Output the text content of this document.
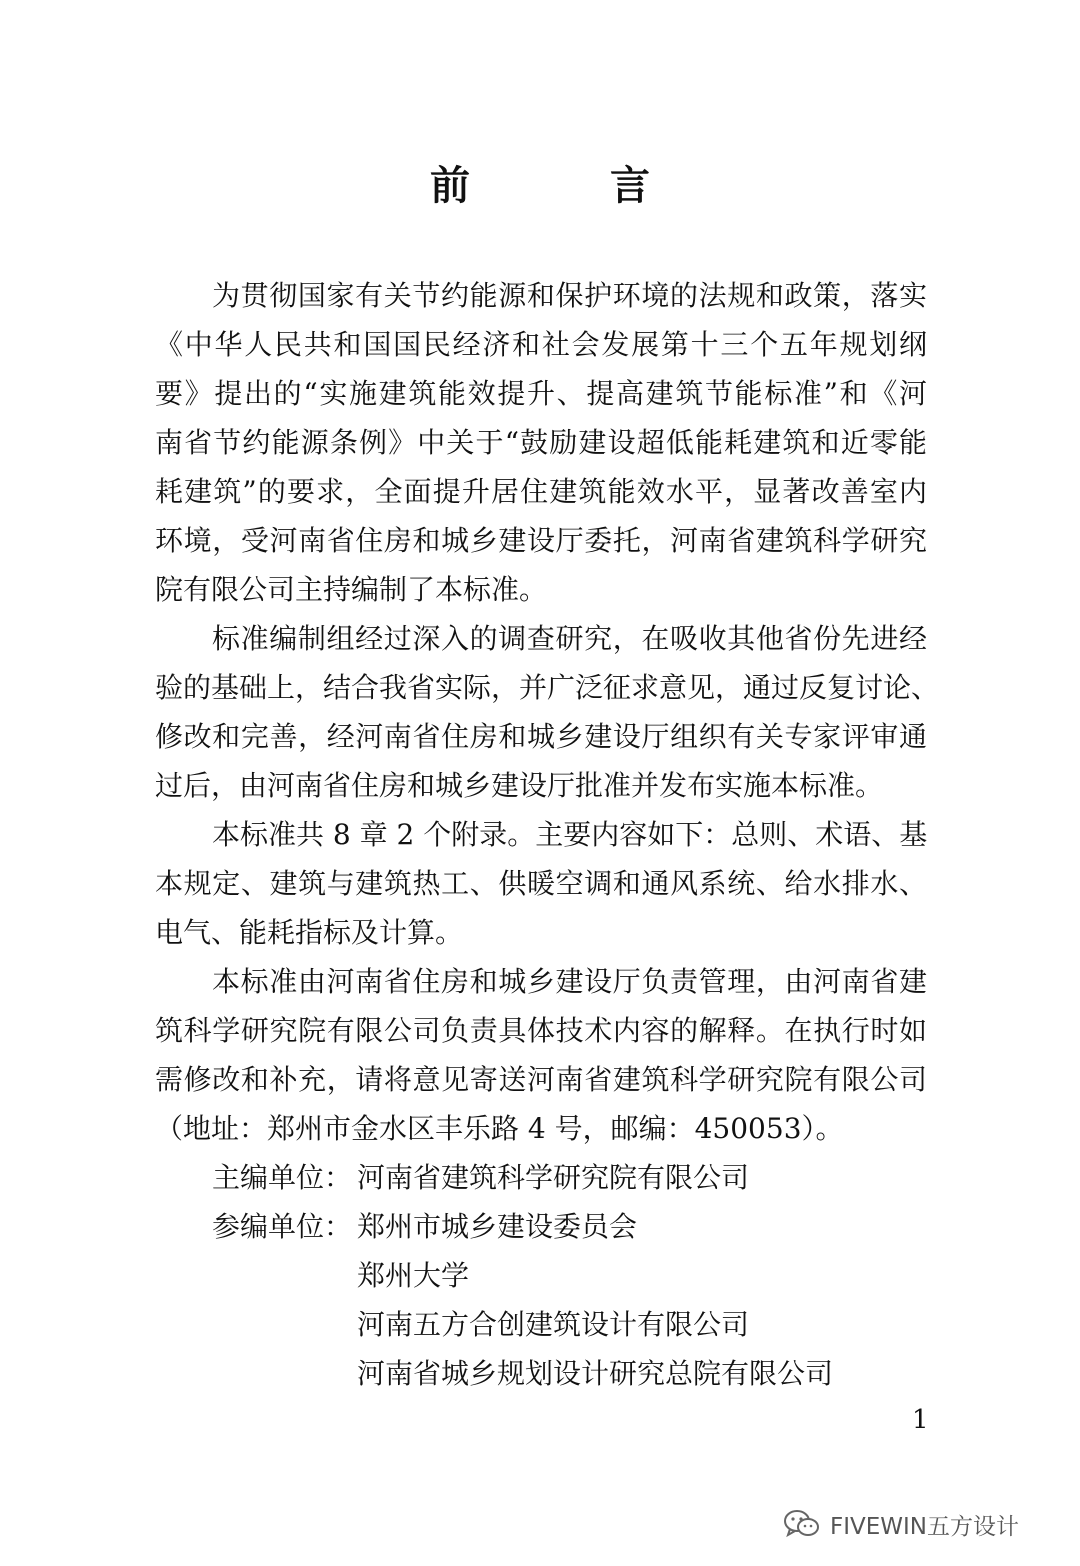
前　言
为贯彻国家有关节约能源和保护环境的法规和政策，落实
《中华人民共和国国民经济和社会发展第十三个五年规划纲
要》提出的“实施建筑能效提升、提高建筑节能标准”和《河
南省节约能源条例》中关于“鼓励建设超低能耗建筑和近零能
耗建筑”的要求，全面提升居住建筑能效水平，显著改善室内
环境，受河南省住房和城乡建设厅委托，河南省建筑科学研究
院有限公司主持编制了本标准。
标准编制组经过深入的调查研究，在吸收其他省份先进经
验的基础上，结合我省实际，并广泛征求意见，通过反复讨论、
修改和完善，经河南省住房和城乡建设厅组织有关专家评审通
过后，由河南省住房和城乡建设厅批准并发布实施本标准。
本标准共 8 章 2 个附录。主要内容如下：总则、术语、基
本规定、建筑与建筑热工、供暖空调和通风系统、给水排水、
电气、能耗指标及计算。
本标准由河南省住房和城乡建设厅负责管理，由河南省建
筑科学研究院有限公司负责具体技术内容的解释。在执行时如
需修改和补充，请将意见寄送河南省建筑科学研究院有限公司
（地址：郑州市金水区丰乐路 4 号，邮编：450053）。
主编单位： 河南省建筑科学研究院有限公司
参编单位： 郑州市城乡建设委员会
郑州大学
河南五方合创建筑设计有限公司
河南省城乡规划设计研究总院有限公司
1
FIVEWIN五方设计
